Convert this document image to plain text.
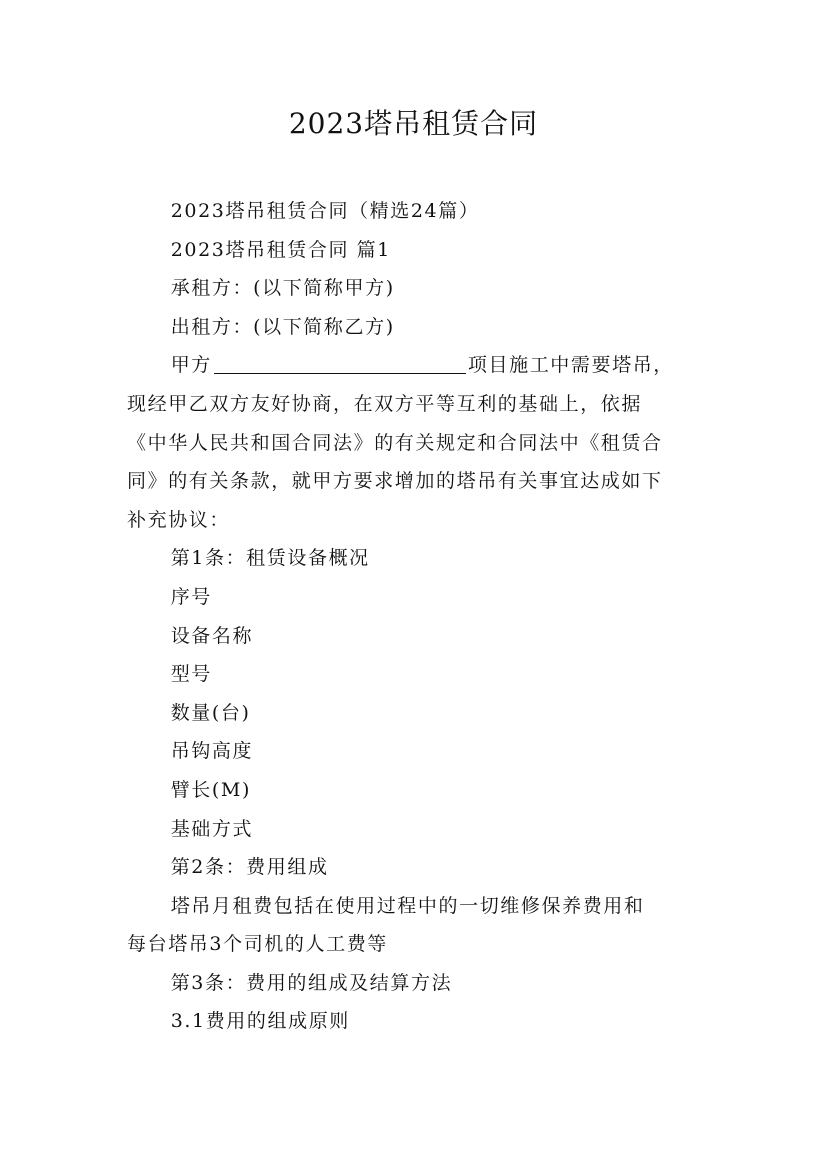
2023塔吊租赁合同

2023塔吊租赁合同（精选24篇）

2023塔吊租赁合同 篇1

承租方：(以下简称甲方)

出租方：(以下简称乙方)

甲方	项目施工中需要塔吊，

现经甲乙双方友好协商，在双方平等互利的基础上，依据
《中华人民共和国合同法》的有关规定和合同法中《租赁合
同》的有关条款，就甲方要求增加的塔吊有关事宜达成如下
补充协议：

第1条：租赁设备概况

序号

设备名称

型号

数量(台)

吊钩高度

臂长(M)

基础方式

第2条：费用组成

塔吊月租费包括在使用过程中的一切维修保养费用和

每台塔吊3个司机的人工费等

第3条：费用的组成及结算方法

3.1费用的组成原则
